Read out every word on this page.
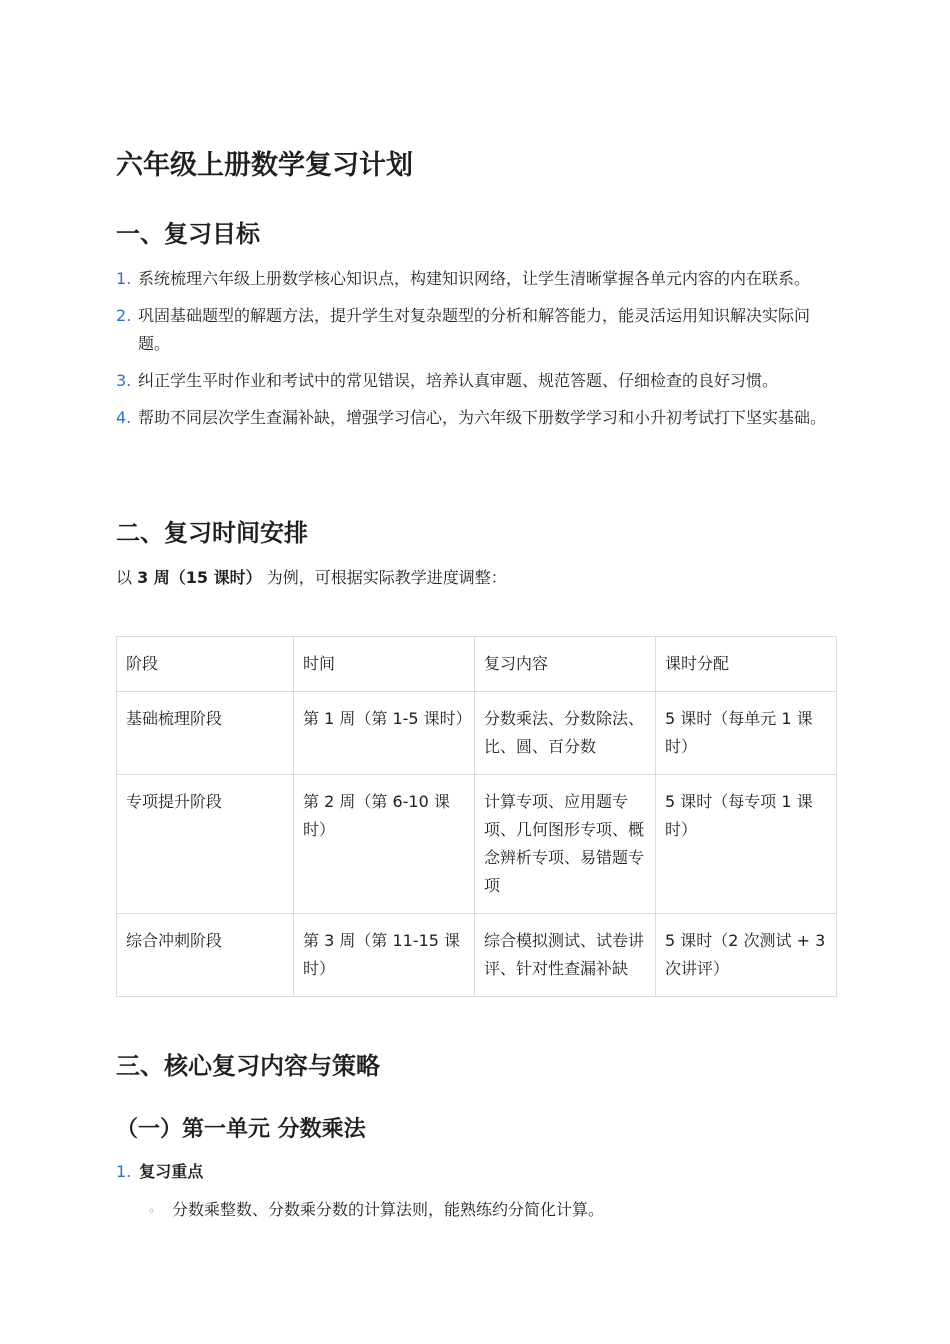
六年级上册数学复习计划
一、复习目标
1. 系统梳理六年级上册数学核心知识点，构建知识网络，让学生清晰掌握各单元内容的内在联系。
2. 巩固基础题型的解题方法，提升学生对复杂题型的分析和解答能力，能灵活运用知识解决实际问题。
3. 纠正学生平时作业和考试中的常见错误，培养认真审题、规范答题、仔细检查的良好习惯。
4. 帮助不同层次学生查漏补缺，增强学习信心，为六年级下册数学学习和小升初考试打下坚实基础。
二、复习时间安排
以 3 周（15 课时） 为例，可根据实际教学进度调整：
阶段	时间	复习内容	课时分配
基础梳理阶段	第 1 周（第 1-5 课时）	分数乘法、分数除法、比、圆、百分数	5 课时（每单元 1 课时）
专项提升阶段	第 2 周（第 6-10 课时）	计算专项、应用题专项、几何图形专项、概念辨析专项、易错题专项	5 课时（每专项 1 课时）
综合冲刺阶段	第 3 周（第 11-15 课时）	综合模拟测试、试卷讲评、针对性查漏补缺	5 课时（2 次测试 + 3 次讲评）
三、核心复习内容与策略
（一）第一单元 分数乘法
1. 复习重点
◦ 分数乘整数、分数乘分数的计算法则，能熟练约分简化计算。
